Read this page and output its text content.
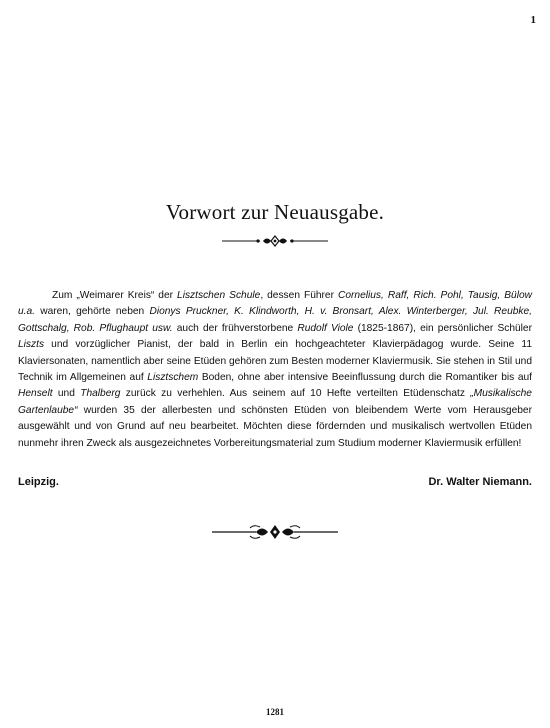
1
Vorwort zur Neuausgabe.

Zum „Weimarer Kreis“ der Lisztschen Schule, dessen Führer Cornelius, Raff, Rich. Pohl, Tausig, Bülow u.a. waren, gehörte neben Dionys Pruckner, K. Klindworth, H. v. Bronsart, Alex. Winterberger, Jul. Reubke, Gottschalg, Rob. Pflughaupt usw. auch der frühverstorbene Rudolf Viole (1825-1867), ein persönlicher Schüler Liszts und vorzüglicher Pianist, der bald in Berlin ein hochgeachteter Klavierpädagog wurde. Seine 11 Klaviersonaten, namentlich aber seine Etüden gehören zum Besten moderner Klaviermusik. Sie stehen in Stil und Technik im Allgemeinen auf Lisztschem Boden, ohne aber intensive Beeinflussung durch die Romantiker bis auf Henselt und Thalberg zurück zu verhehlen. Aus seinem auf 10 Hefte verteilten Etüdenschatz „Musikalische Gartenlaube“ wurden 35 der allerbesten und schönsten Etüden von bleibendem Werte vom Herausgeber ausgewählt und von Grund auf neu bearbeitet. Möchten diese fördernden und musikalisch wertvollen Etüden nunmehr ihren Zweck als ausgezeichnetes Vorbereitungsmaterial zum Studium moderner Klaviermusik erfüllen!

Leipzig.	Dr. Walter Niemann.
1281
